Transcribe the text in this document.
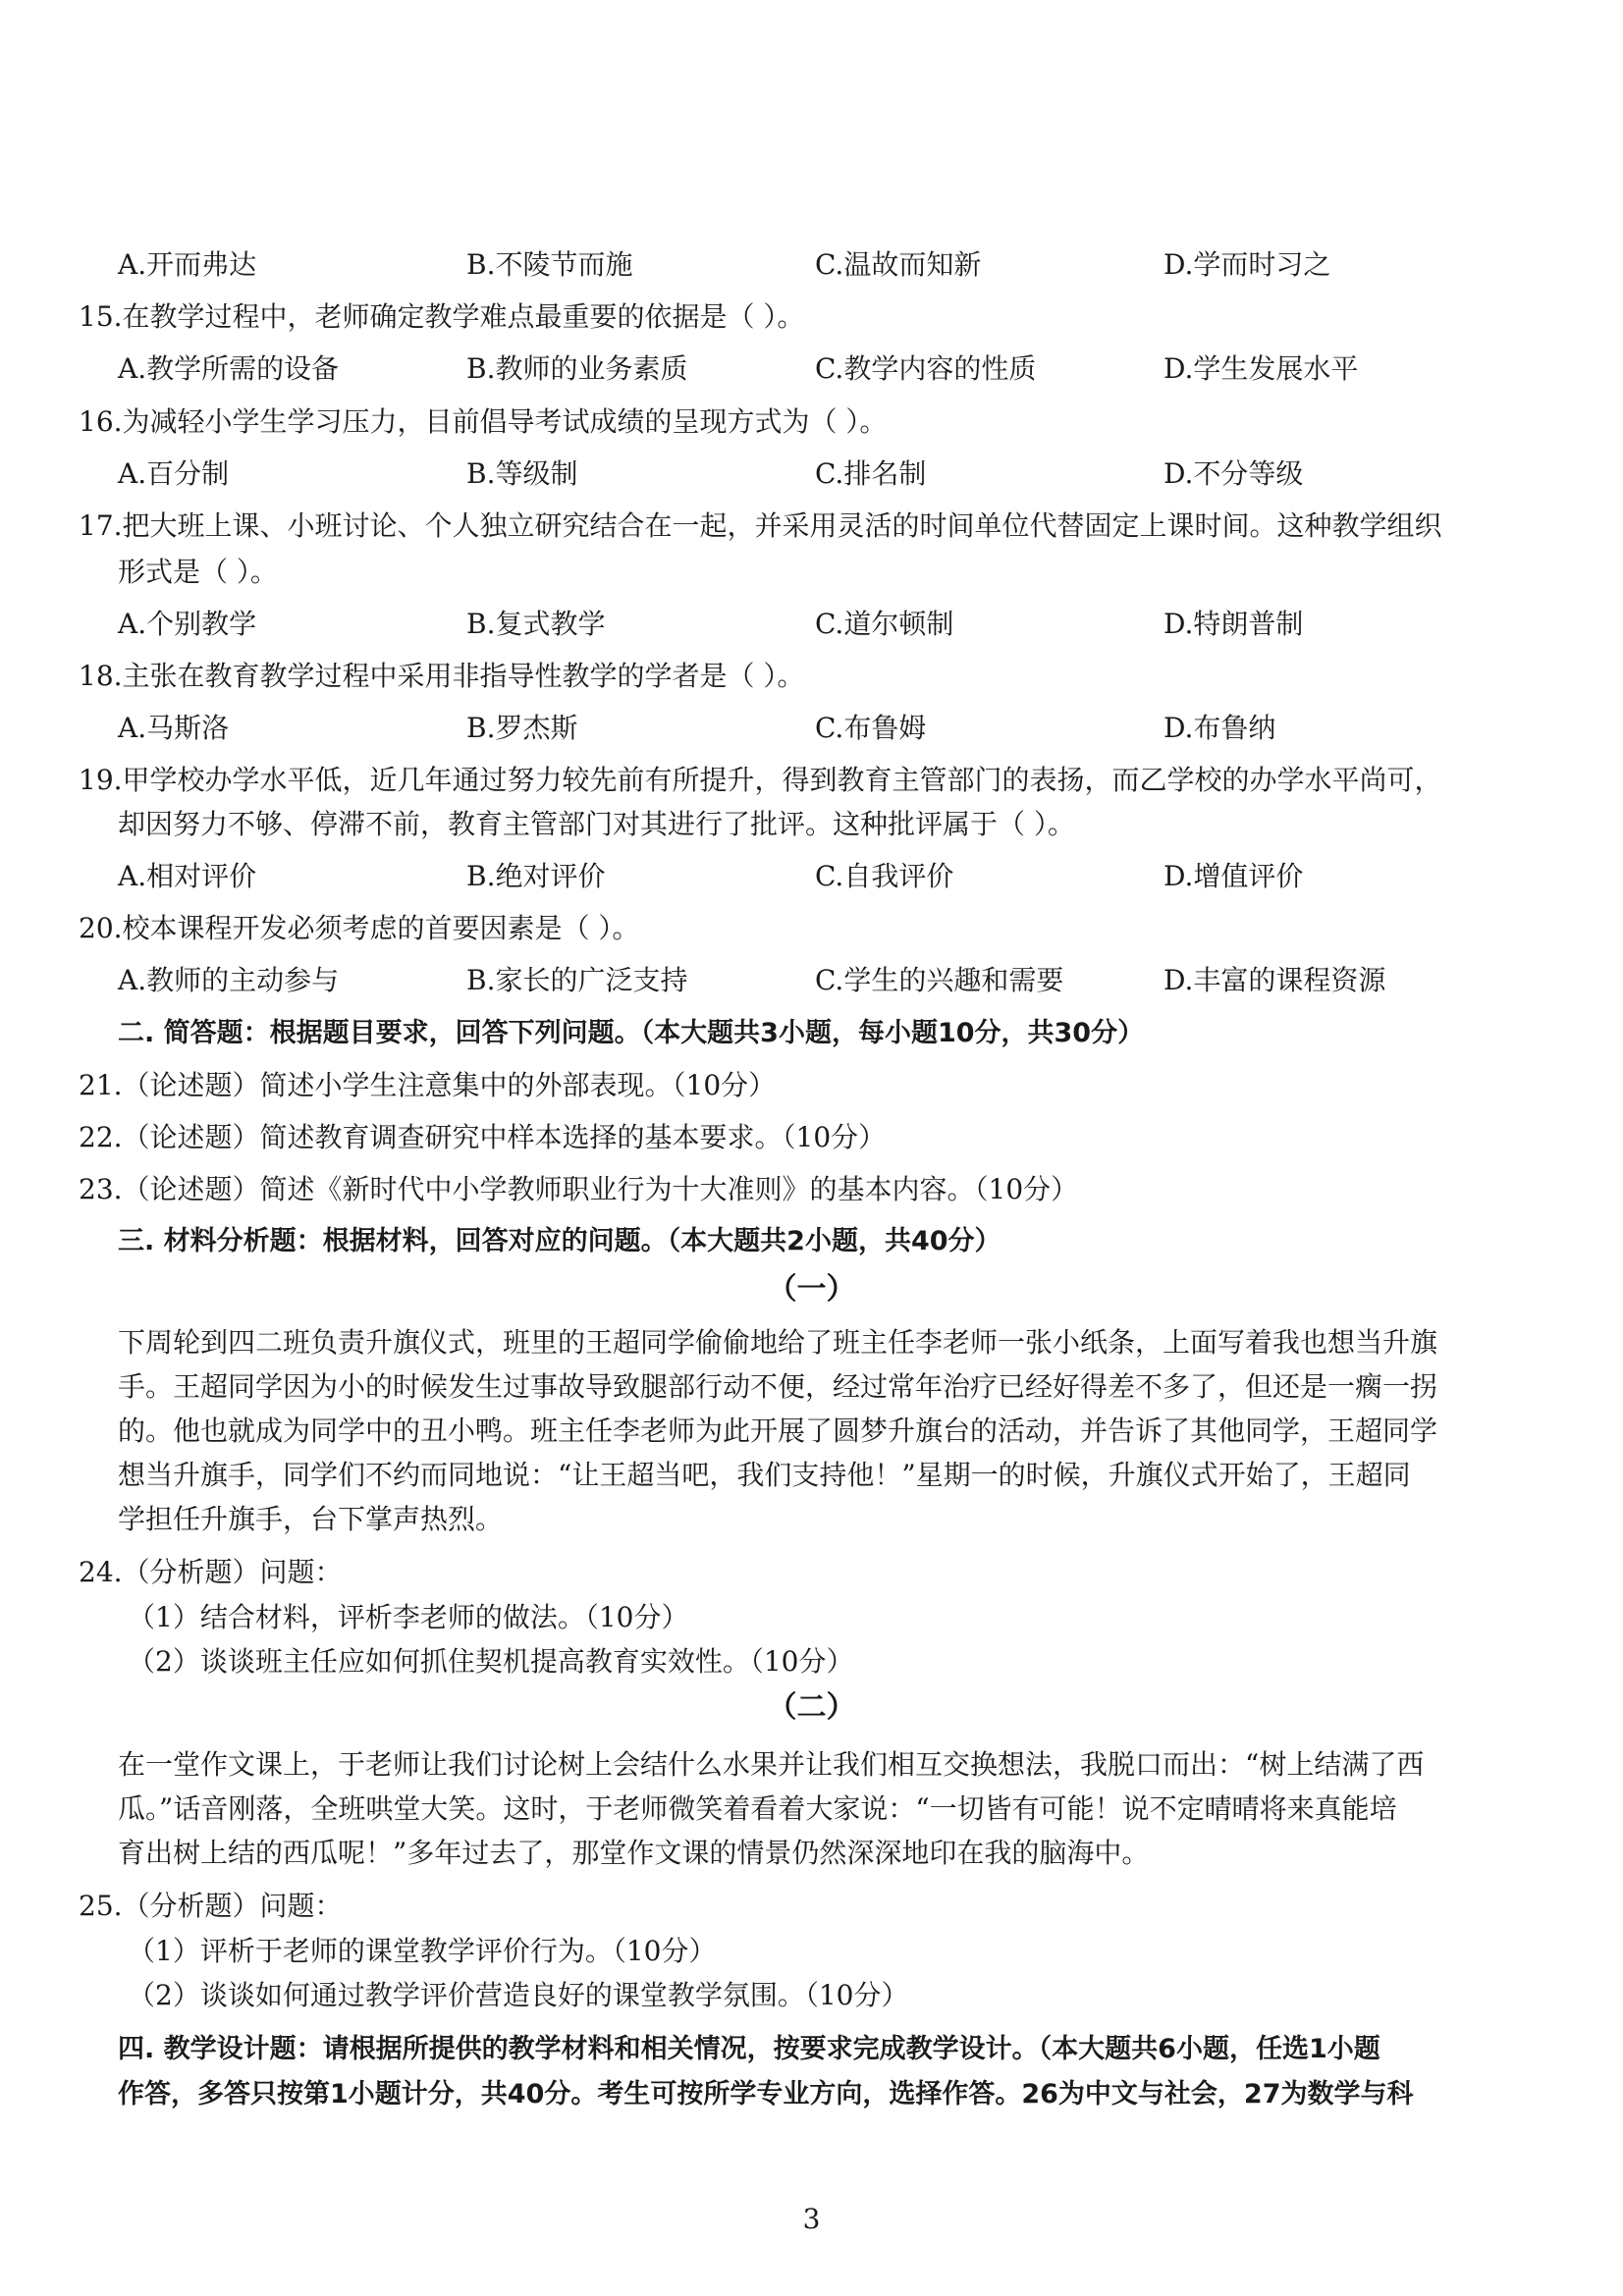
A.开而弗达	B.不陵节而施	C.温故而知新	D.学而时习之
15.在教学过程中，老师确定教学难点最重要的依据是（ ）。
A.教学所需的设备	B.教师的业务素质	C.教学内容的性质	D.学生发展水平
16.为减轻小学生学习压力，目前倡导考试成绩的呈现方式为（ ）。
A.百分制	B.等级制	C.排名制	D.不分等级
17.把大班上课、小班讨论、个人独立研究结合在一起，并采用灵活的时间单位代替固定上课时间。这种教学组织
形式是（ ）。
A.个别教学	B.复式教学	C.道尔顿制	D.特朗普制
18.主张在教育教学过程中采用非指导性教学的学者是（ ）。
A.马斯洛	B.罗杰斯	C.布鲁姆	D.布鲁纳
19.甲学校办学水平低，近几年通过努力较先前有所提升，得到教育主管部门的表扬，而乙学校的办学水平尚可，
却因努力不够、停滞不前，教育主管部门对其进行了批评。这种批评属于（ ）。
A.相对评价	B.绝对评价	C.自我评价	D.增值评价
20.校本课程开发必须考虑的首要因素是（ ）。
A.教师的主动参与	B.家长的广泛支持	C.学生的兴趣和需要	D.丰富的课程资源
二. 简答题：根据题目要求，回答下列问题。（本大题共3小题，每小题10分，共30分）
21.（论述题）简述小学生注意集中的外部表现。（10分）
22.（论述题）简述教育调查研究中样本选择的基本要求。（10分）
23.（论述题）简述《新时代中小学教师职业行为十大准则》的基本内容。（10分）
三. 材料分析题：根据材料，回答对应的问题。（本大题共2小题，共40分）
（一）
下周轮到四二班负责升旗仪式，班里的王超同学偷偷地给了班主任李老师一张小纸条，上面写着我也想当升旗
手。王超同学因为小的时候发生过事故导致腿部行动不便，经过常年治疗已经好得差不多了，但还是一瘸一拐
的。他也就成为同学中的丑小鸭。班主任李老师为此开展了圆梦升旗台的活动，并告诉了其他同学，王超同学
想当升旗手，同学们不约而同地说：“让王超当吧，我们支持他！”星期一的时候，升旗仪式开始了，王超同
学担任升旗手，台下掌声热烈。
24.（分析题）问题：
（1）结合材料，评析李老师的做法。（10分）
（2）谈谈班主任应如何抓住契机提高教育实效性。（10分）
（二）
在一堂作文课上，于老师让我们讨论树上会结什么水果并让我们相互交换想法，我脱口而出：“树上结满了西
瓜。”话音刚落，全班哄堂大笑。这时，于老师微笑着看着大家说：“一切皆有可能！说不定晴晴将来真能培
育出树上结的西瓜呢！”多年过去了，那堂作文课的情景仍然深深地印在我的脑海中。
25.（分析题）问题：
（1）评析于老师的课堂教学评价行为。（10分）
（2）谈谈如何通过教学评价营造良好的课堂教学氛围。（10分）
四. 教学设计题：请根据所提供的教学材料和相关情况，按要求完成教学设计。（本大题共6小题，任选1小题
作答，多答只按第1小题计分，共40分。考生可按所学专业方向，选择作答。26为中文与社会，27为数学与科
3
